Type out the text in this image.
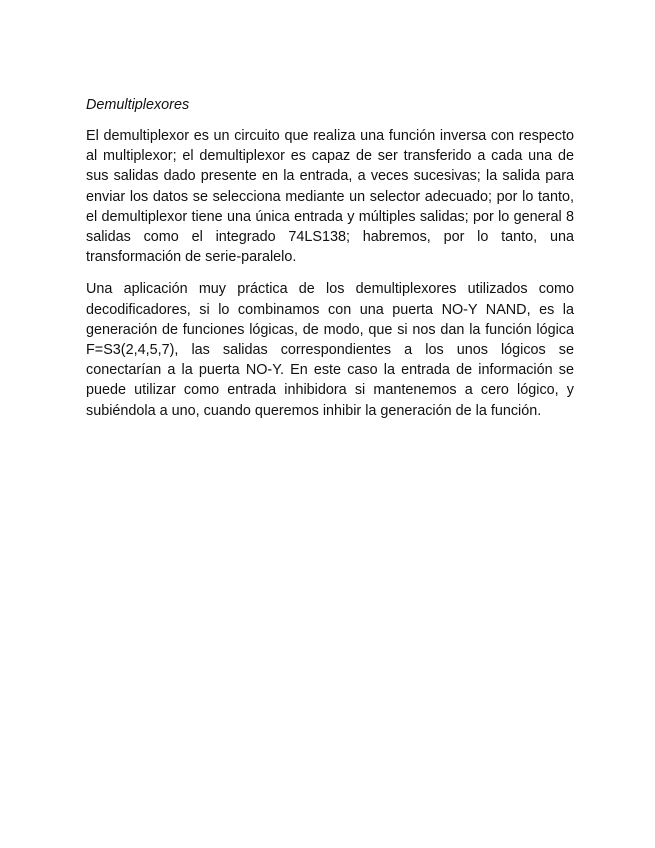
Demultiplexores

El demultiplexor es un circuito que realiza una función inversa con respecto al multiplexor; el demultiplexor es capaz de ser transferido a cada una de sus salidas dado presente en la entrada, a veces sucesivas; la salida para enviar los datos se selecciona mediante un selector adecuado; por lo tanto, el demultiplexor tiene una única entrada y múltiples salidas; por lo general 8 salidas como el integrado 74LS138; habremos, por lo tanto, una transformación de serie-paralelo.

Una aplicación muy práctica de los demultiplexores utilizados como decodificadores, si lo combinamos con una puerta NO-Y NAND, es la generación de funciones lógicas, de modo, que si nos dan la función lógica F=S3(2,4,5,7), las salidas correspondientes a los unos lógicos se conectarían a la puerta NO-Y. En este caso la entrada de información se puede utilizar como entrada inhibidora si mantenemos a cero lógico, y subiéndola a uno, cuando queremos inhibir la generación de la función.
